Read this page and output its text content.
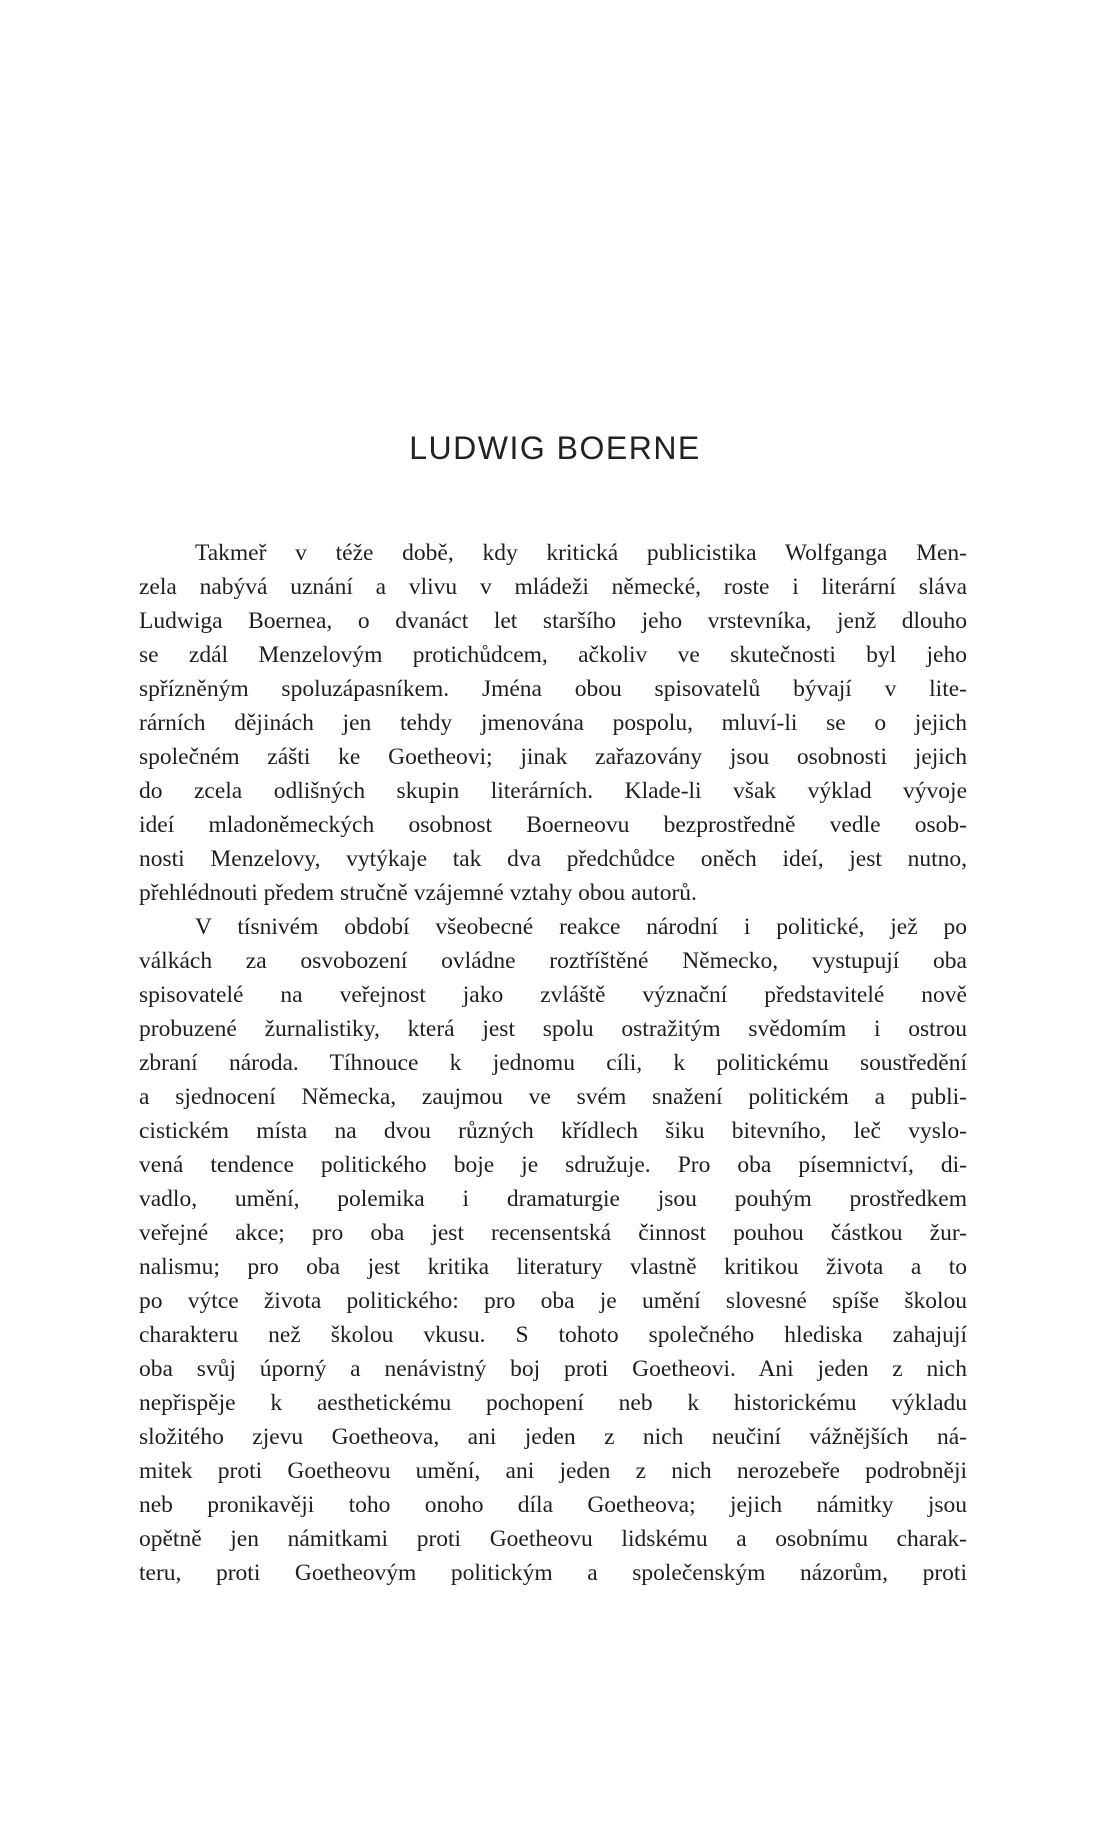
LUDWIG BOERNE
Takmeř v téže době, kdy kritická publicistika Wolfganga Men-
zela nabývá uznání a vlivu v mládeži německé, roste i literární sláva
Ludwiga Boernea, o dvanáct let staršího jeho vrstevníka, jenž dlouho
se zdál Menzelovým protichůdcem, ačkoliv ve skutečnosti byl jeho
spřízněným spoluzápasníkem. Jména obou spisovatelů bývají v lite-
rárních dějinách jen tehdy jmenována pospolu, mluví-li se o jejich
společném zášti ke Goetheovi; jinak zařazovány jsou osobnosti jejich
do zcela odlišných skupin literárních. Klade-li však výklad vývoje
ideí mladoněmeckých osobnost Boerneovu bezprostředně vedle osob-
nosti Menzelovy, vytýkaje tak dva předchůdce oněch ideí, jest nutno,
přehlédnouti předem stručně vzájemné vztahy obou autorů.
V tísnivém období všeobecné reakce národní i politické, jež po
válkách za osvobození ovládne roztříštěné Německo, vystupují oba
spisovatelé na veřejnost jako zvláště význační představitelé nově
probuzené žurnalistiky, která jest spolu ostražitým svědomím i ostrou
zbraní národa. Tíhnouce k jednomu cíli, k politickému soustředění
a sjednocení Německa, zaujmou ve svém snažení politickém a publi-
cistickém místa na dvou různých křídlech šiku bitevního, leč vyslo-
vená tendence politického boje je sdružuje. Pro oba písemnictví, di-
vadlo, umění, polemika i dramaturgie jsou pouhým prostředkem
veřejné akce; pro oba jest recensentská činnost pouhou částkou žur-
nalismu; pro oba jest kritika literatury vlastně kritikou života a to
po výtce života politického: pro oba je umění slovesné spíše školou
charakteru než školou vkusu. S tohoto společného hlediska zahajují
oba svůj úporný a nenávistný boj proti Goetheovi. Ani jeden z nich
nepřispěje k aesthetickému pochopení neb k historickému výkladu
složitého zjevu Goetheova, ani jeden z nich neučiní vážnějších ná-
mitek proti Goetheovu umění, ani jeden z nich nerozebeře podrobněji
neb pronikavěji toho onoho díla Goetheova; jejich námitky jsou
opětně jen námitkami proti Goetheovu lidskému a osobnímu charak-
teru, proti Goetheovým politickým a společenským názorům, proti
